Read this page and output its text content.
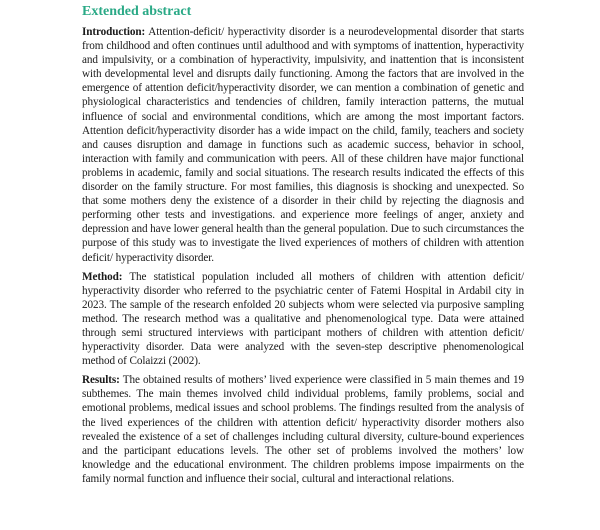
Extended abstract

Introduction: Attention-deficit/ hyperactivity disorder is a neurodevelopmental disorder that starts from childhood and often continues until adulthood and with symptoms of inattention, hyperactivity and impulsivity, or a combination of hyperactivity, impulsivity, and inattention that is inconsistent with developmental level and disrupts daily functioning. Among the factors that are involved in the emergence of attention deficit/hyperactivity disorder, we can mention a combination of genetic and physiological characteristics and tendencies of children, family interaction patterns, the mutual influence of social and environmental conditions, which are among the most important factors. Attention deficit/hyperactivity disorder has a wide impact on the child, family, teachers and society and causes disruption and damage in functions such as academic success, behavior in school, interaction with family and communication with peers. All of these children have major functional problems in academic, family and social situations. The research results indicated the effects of this disorder on the family structure. For most families, this diagnosis is shocking and unexpected. So that some mothers deny the existence of a disorder in their child by rejecting the diagnosis and performing other tests and investigations. and experience more feelings of anger, anxiety and depression and have lower general health than the general population. Due to such circumstances the purpose of this study was to investigate the lived experiences of mothers of children with attention deficit/ hyperactivity disorder.

Method: The statistical population included all mothers of children with attention deficit/ hyperactivity disorder who referred to the psychiatric center of Fatemi Hospital in Ardabil city in 2023. The sample of the research enfolded 20 subjects whom were selected via purposive sampling method. The research method was a qualitative and phenomenological type. Data were attained through semi structured interviews with participant mothers of children with attention deficit/ hyperactivity disorder. Data were analyzed with the seven-step descriptive phenomenological method of Colaizzi (2002).

Results: The obtained results of mothers’ lived experience were classified in 5 main themes and 19 subthemes. The main themes involved child individual problems, family problems, social and emotional problems, medical issues and school problems. The findings resulted from the analysis of the lived experiences of the children with attention deficit/ hyperactivity disorder mothers also revealed the existence of a set of challenges including cultural diversity, culture-bound experiences and the participant educations levels. The other set of problems involved the mothers’ low knowledge and the educational environment. The children problems impose impairments on the family normal function and influence their social, cultural and interactional relations.
